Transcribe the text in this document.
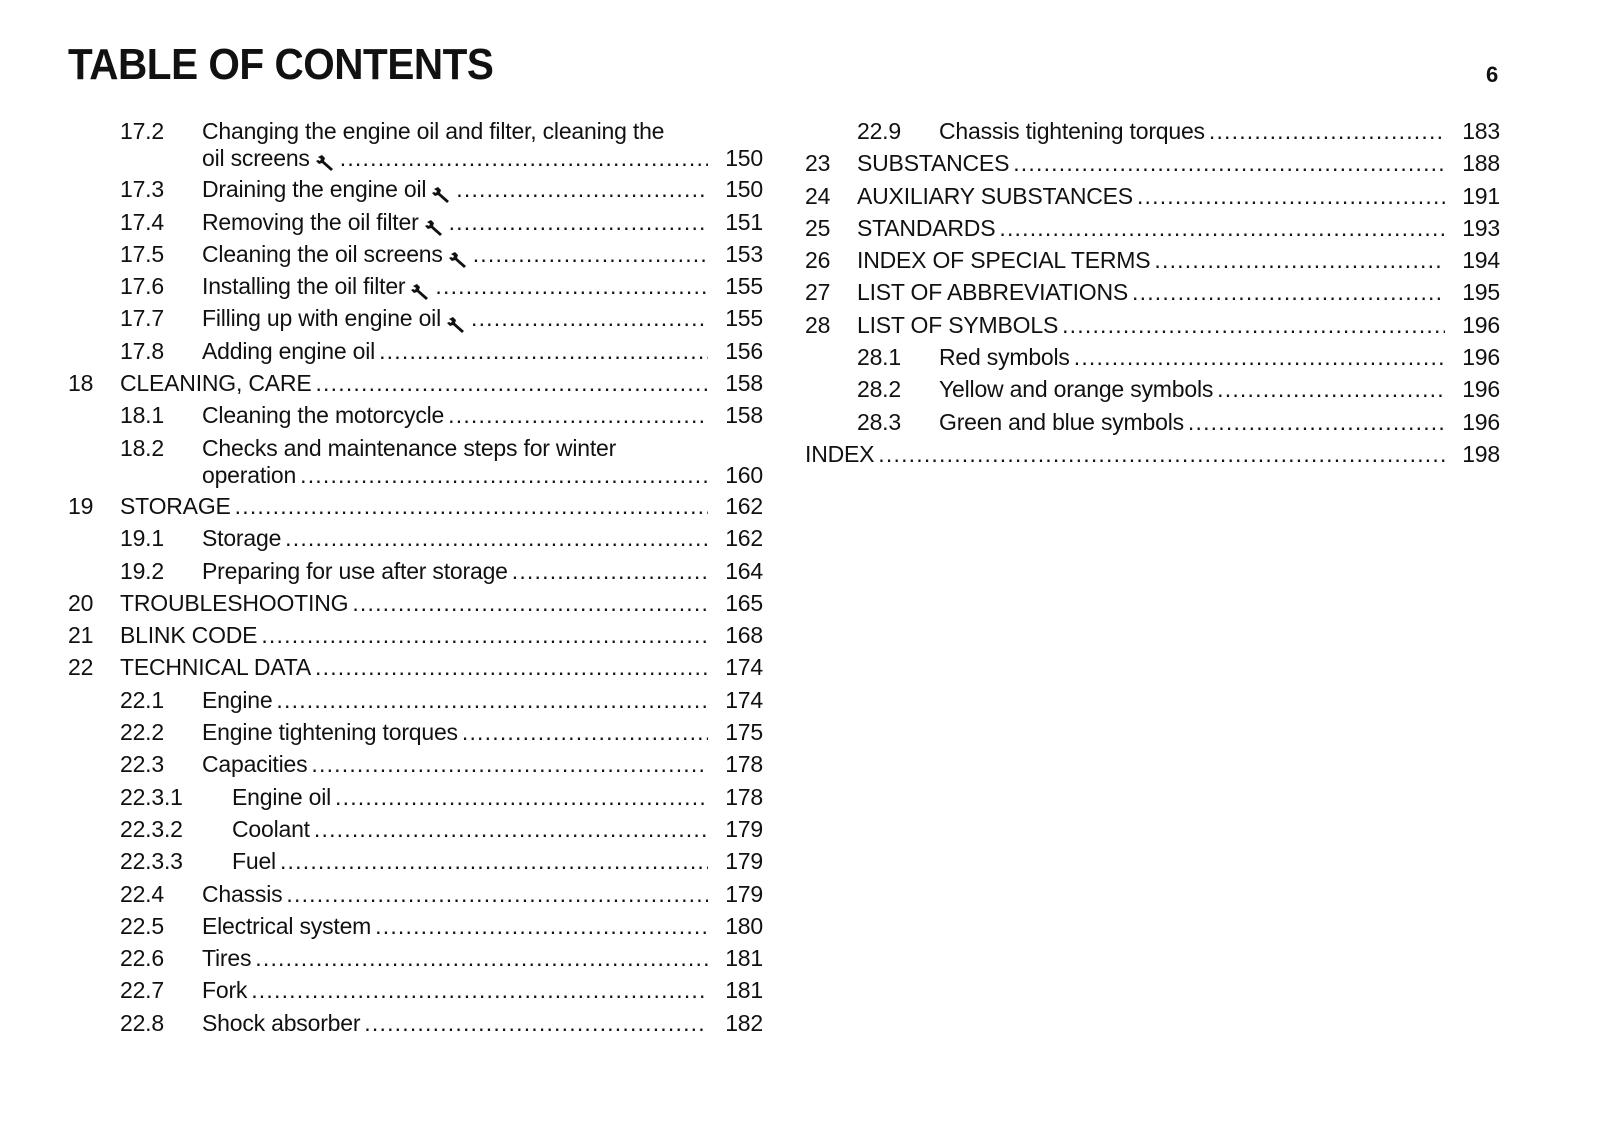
TABLE OF CONTENTS	6
17.2 Changing the engine oil and filter, cleaning the
oil screens .....	150
17.3 Draining the engine oil .....	150
17.4 Removing the oil filter .....	151
17.5 Cleaning the oil screens .....	153
17.6 Installing the oil filter .....	155
17.7 Filling up with engine oil .....	155
17.8 Adding engine oil .....	156
18 CLEANING, CARE .....	158
18.1 Cleaning the motorcycle .....	158
18.2 Checks and maintenance steps for winter
operation .....	160
19 STORAGE .....	162
19.1 Storage .....	162
19.2 Preparing for use after storage .....	164
20 TROUBLESHOOTING .....	165
21 BLINK CODE .....	168
22 TECHNICAL DATA .....	174
22.1 Engine .....	174
22.2 Engine tightening torques .....	175
22.3 Capacities .....	178
22.3.1 Engine oil .....	178
22.3.2 Coolant .....	179
22.3.3 Fuel .....	179
22.4 Chassis .....	179
22.5 Electrical system .....	180
22.6 Tires .....	181
22.7 Fork .....	181
22.8 Shock absorber .....	182
22.9 Chassis tightening torques .....	183
23 SUBSTANCES .....	188
24 AUXILIARY SUBSTANCES .....	191
25 STANDARDS .....	193
26 INDEX OF SPECIAL TERMS .....	194
27 LIST OF ABBREVIATIONS .....	195
28 LIST OF SYMBOLS .....	196
28.1 Red symbols .....	196
28.2 Yellow and orange symbols .....	196
28.3 Green and blue symbols .....	196
INDEX .....	198
